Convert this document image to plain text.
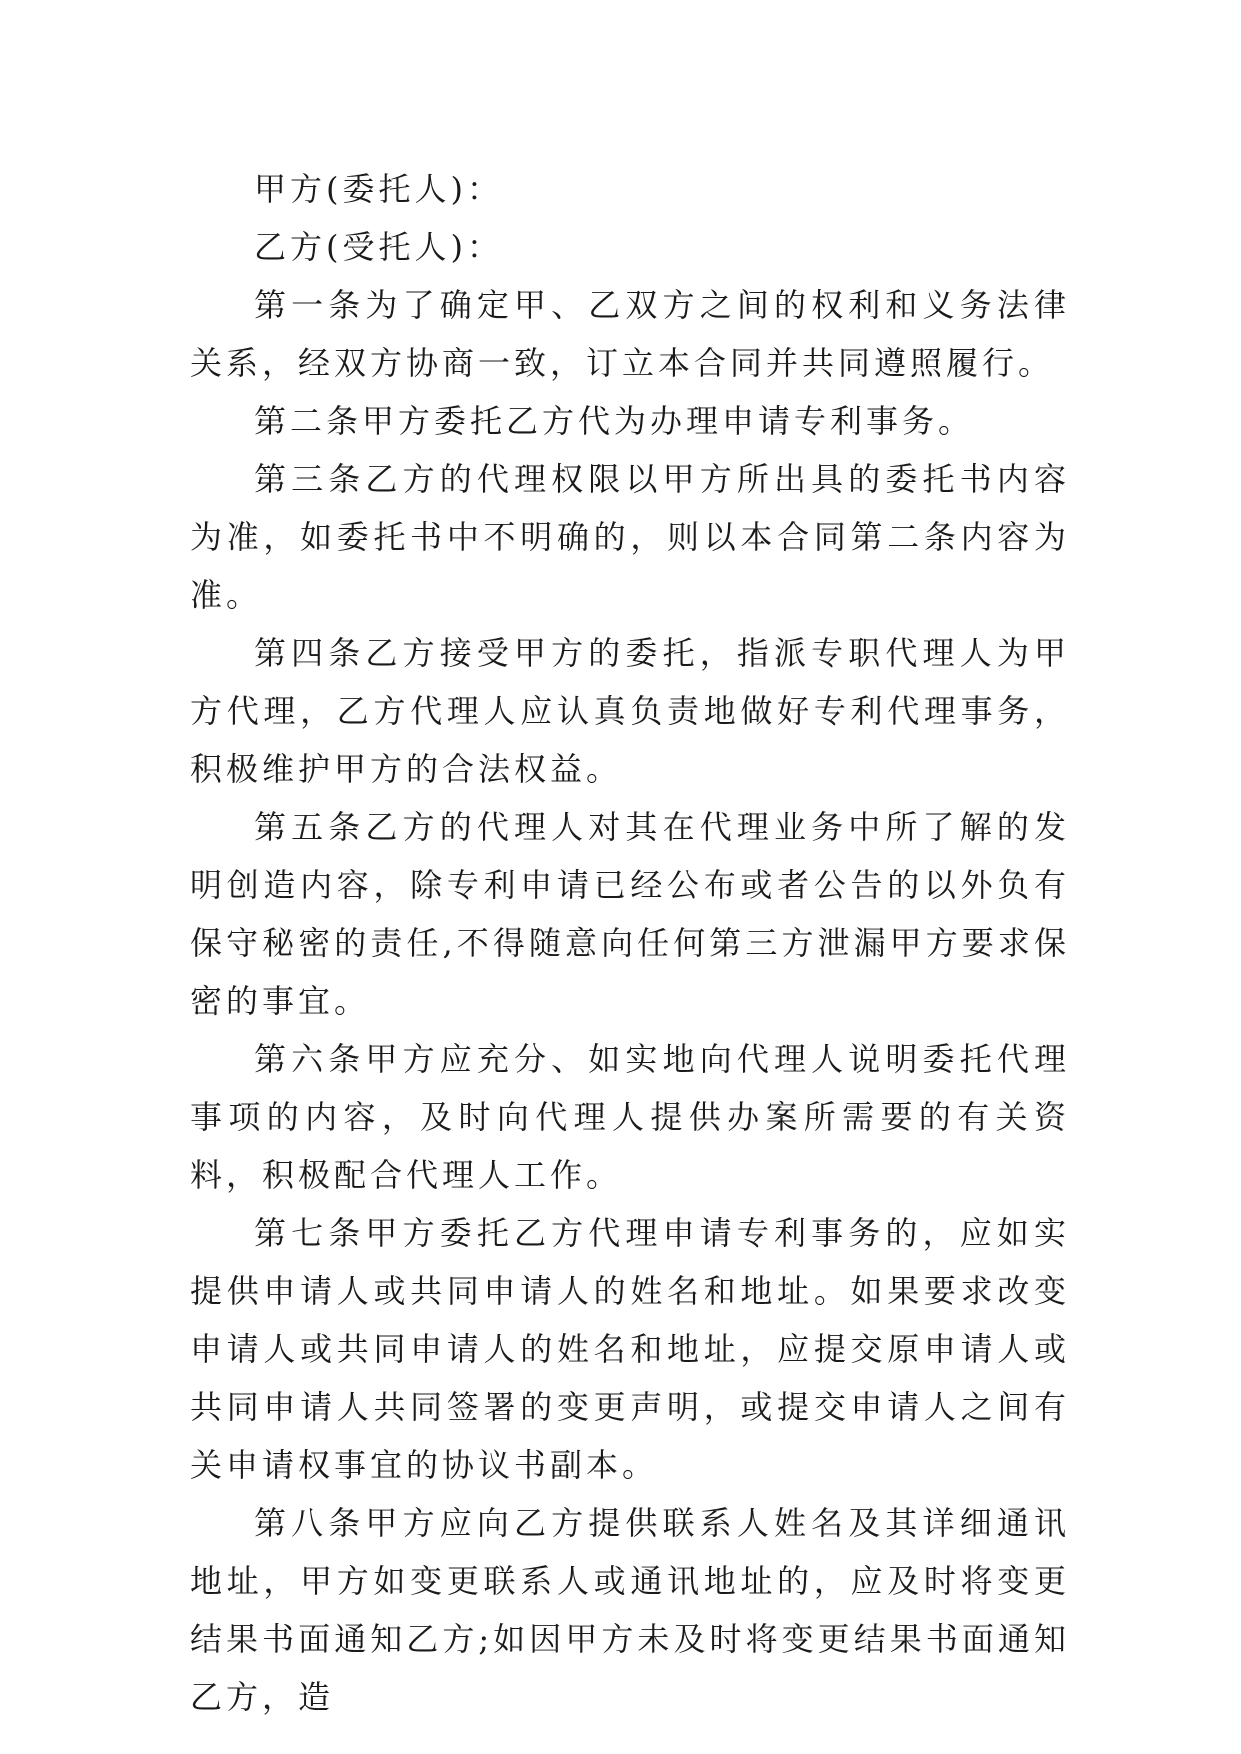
甲方(委托人)：

乙方(受托人)：

第一条为了确定甲、乙双方之间的权利和义务法律关系，经双方协商一致，订立本合同并共同遵照履行。

第二条甲方委托乙方代为办理申请专利事务。

第三条乙方的代理权限以甲方所出具的委托书内容为准，如委托书中不明确的，则以本合同第二条内容为准。

第四条乙方接受甲方的委托，指派专职代理人为甲方代理，乙方代理人应认真负责地做好专利代理事务，积极维护甲方的合法权益。

第五条乙方的代理人对其在代理业务中所了解的发明创造内容，除专利申请已经公布或者公告的以外负有保守秘密的责任,不得随意向任何第三方泄漏甲方要求保密的事宜。

第六条甲方应充分、如实地向代理人说明委托代理事项的内容，及时向代理人提供办案所需要的有关资料，积极配合代理人工作。

第七条甲方委托乙方代理申请专利事务的，应如实提供申请人或共同申请人的姓名和地址。如果要求改变申请人或共同申请人的姓名和地址，应提交原申请人或共同申请人共同签署的变更声明，或提交申请人之间有关申请权事宜的协议书副本。

第八条甲方应向乙方提供联系人姓名及其详细通讯地址，甲方如变更联系人或通讯地址的，应及时将变更结果书面通知乙方;如因甲方未及时将变更结果书面通知乙方，造
